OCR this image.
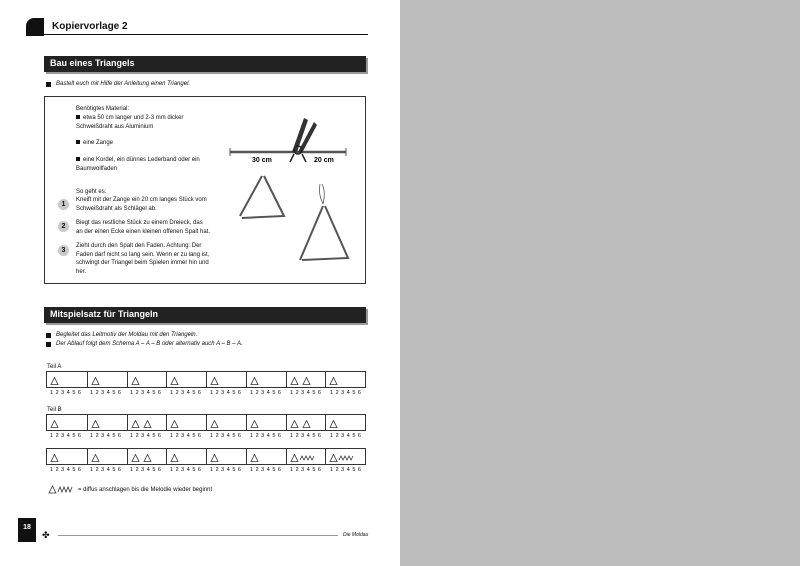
Kopiervorlage 2
Bau eines Triangels
Bastelt euch mit Hilfe der Anleitung einen Triangel.
Benötigtes Material:
etwa 50 cm langer und 2-3 mm dicker Schweißdraht aus Aluminium
eine Zange
eine Kordel, ein dünnes Lederband oder ein Baumwollfaden
So geht es:
1
Kneift mit der Zange ein 20 cm langes Stück vom Schweißdraht als Schlägel ab.
2	Biegt das restliche Stück zu einem Dreieck, das an der einen Ecke einen kleinen offenen Spalt hat.
3
Zieht durch den Spalt den Faden. Achtung: Der Faden darf nicht so lang sein. Wenn er zu lang ist, schwingt der Triangel beim Spielen immer hin und her.
30 cm	20 cm
Mitspielsatz für Triangeln
Begleitet das Leitmotiv der Moldau mit den Triangeln.
Der Ablauf folgt dem Schema A – A – B oder alternativ auch A – B – A.
Teil A
1 2 3 4 5 6	1 2 3 4 5 6	1 2 3 4 5 6	1 2 3 4 5 6	1 2 3 4 5 6	1 2 3 4 5 6	1 2 3 4 5 6	1 2 3 4 5 6
Teil B
1 2 3 4 5 6	1 2 3 4 5 6	1 2 3 4 5 6	1 2 3 4 5 6	1 2 3 4 5 6	1 2 3 4 5 6	1 2 3 4 5 6	1 2 3 4 5 6
1 2 3 4 5 6	1 2 3 4 5 6	1 2 3 4 5 6	1 2 3 4 5 6	1 2 3 4 5 6	1 2 3 4 5 6	1 2 3 4 5 6	1 2 3 4 5 6
= diffus anschlagen bis die Melodie wieder beginnt
18
✤	Die Moldau
